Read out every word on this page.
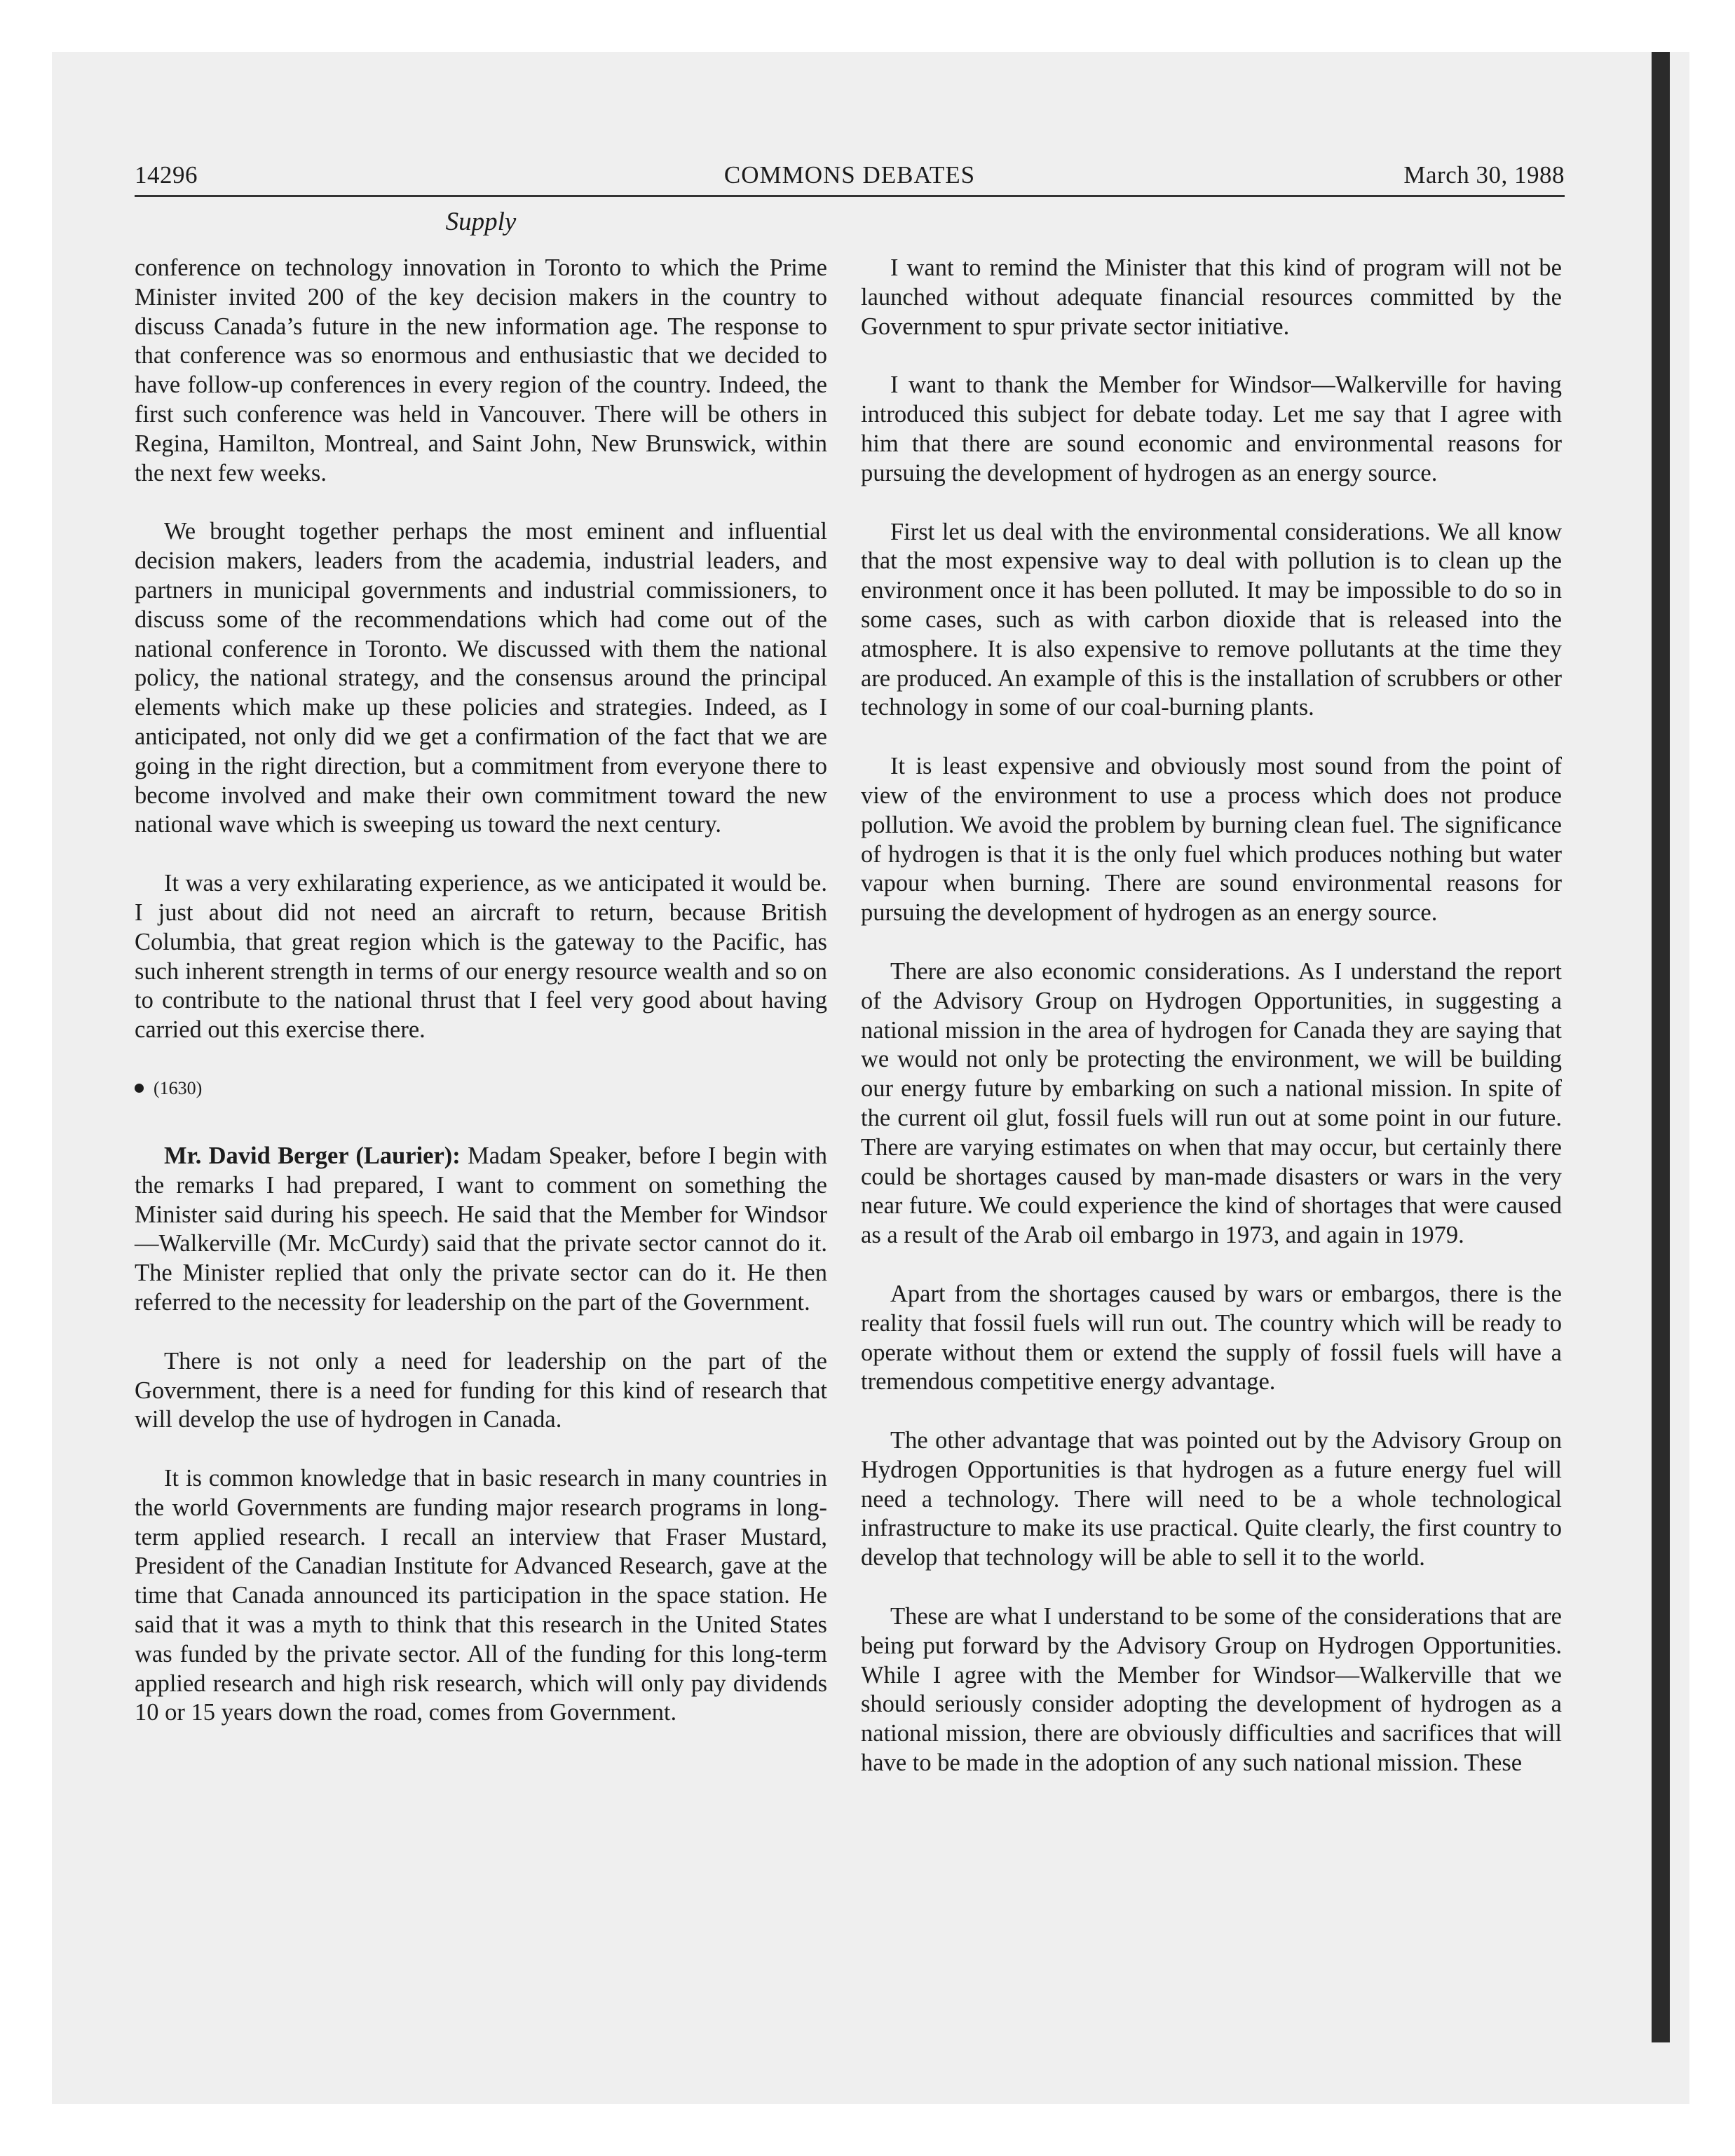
14296	COMMONS DEBATES	March 30, 1988
Supply

conference on technology innovation in Toronto to which the Prime Minister invited 200 of the key decision makers in the country to discuss Canada’s future in the new information age. The response to that conference was so enormous and enthusiastic that we decided to have follow-up conferences in every region of the country. Indeed, the first such conference was held in Vancouver. There will be others in Regina, Hamilton, Montreal, and Saint John, New Brunswick, within the next few weeks.

We brought together perhaps the most eminent and influential decision makers, leaders from the academia, industrial leaders, and partners in municipal governments and industrial commissioners, to discuss some of the recommendations which had come out of the national conference in Toronto. We discussed with them the national policy, the national strategy, and the consensus around the principal elements which make up these policies and strategies. Indeed, as I anticipated, not only did we get a confirmation of the fact that we are going in the right direction, but a commitment from everyone there to become involved and make their own commitment toward the new national wave which is sweeping us toward the next century.

It was a very exhilarating experience, as we anticipated it would be. I just about did not need an aircraft to return, because British Columbia, that great region which is the gateway to the Pacific, has such inherent strength in terms of our energy resource wealth and so on to contribute to the national thrust that I feel very good about having carried out this exercise there.

(1630)

Mr. David Berger (Laurier): Madam Speaker, before I begin with the remarks I had prepared, I want to comment on something the Minister said during his speech. He said that the Member for Windsor—Walkerville (Mr. McCurdy) said that the private sector cannot do it. The Minister replied that only the private sector can do it. He then referred to the necessity for leadership on the part of the Government.

There is not only a need for leadership on the part of the Government, there is a need for funding for this kind of research that will develop the use of hydrogen in Canada.

It is common knowledge that in basic research in many countries in the world Governments are funding major research programs in long-term applied research. I recall an interview that Fraser Mustard, President of the Canadian Institute for Advanced Research, gave at the time that Canada announced its participation in the space station. He said that it was a myth to think that this research in the United States was funded by the private sector. All of the funding for this long-term applied research and high risk research, which will only pay dividends 10 or 15 years down the road, comes from Government.

I want to remind the Minister that this kind of program will not be launched without adequate financial resources committed by the Government to spur private sector initiative.

I want to thank the Member for Windsor—Walkerville for having introduced this subject for debate today. Let me say that I agree with him that there are sound economic and environmental reasons for pursuing the development of hydrogen as an energy source.

First let us deal with the environmental considerations. We all know that the most expensive way to deal with pollution is to clean up the environment once it has been polluted. It may be impossible to do so in some cases, such as with carbon dioxide that is released into the atmosphere. It is also expensive to remove pollutants at the time they are produced. An example of this is the installation of scrubbers or other technology in some of our coal-burning plants.

It is least expensive and obviously most sound from the point of view of the environment to use a process which does not produce pollution. We avoid the problem by burning clean fuel. The significance of hydrogen is that it is the only fuel which produces nothing but water vapour when burning. There are sound environmental reasons for pursuing the development of hydrogen as an energy source.

There are also economic considerations. As I understand the report of the Advisory Group on Hydrogen Opportunities, in suggesting a national mission in the area of hydrogen for Canada they are saying that we would not only be protecting the environment, we will be building our energy future by embarking on such a national mission. In spite of the current oil glut, fossil fuels will run out at some point in our future. There are varying estimates on when that may occur, but certainly there could be shortages caused by man-made disasters or wars in the very near future. We could experience the kind of shortages that were caused as a result of the Arab oil embargo in 1973, and again in 1979.

Apart from the shortages caused by wars or embargos, there is the reality that fossil fuels will run out. The country which will be ready to operate without them or extend the supply of fossil fuels will have a tremendous competitive energy advantage.

The other advantage that was pointed out by the Advisory Group on Hydrogen Opportunities is that hydrogen as a future energy fuel will need a technology. There will need to be a whole technological infrastructure to make its use practical. Quite clearly, the first country to develop that technology will be able to sell it to the world.

These are what I understand to be some of the considerations that are being put forward by the Advisory Group on Hydrogen Opportunities. While I agree with the Member for Windsor—Walkerville that we should seriously consider adopting the development of hydrogen as a national mission, there are obviously difficulties and sacrifices that will have to be made in the adoption of any such national mission. These
